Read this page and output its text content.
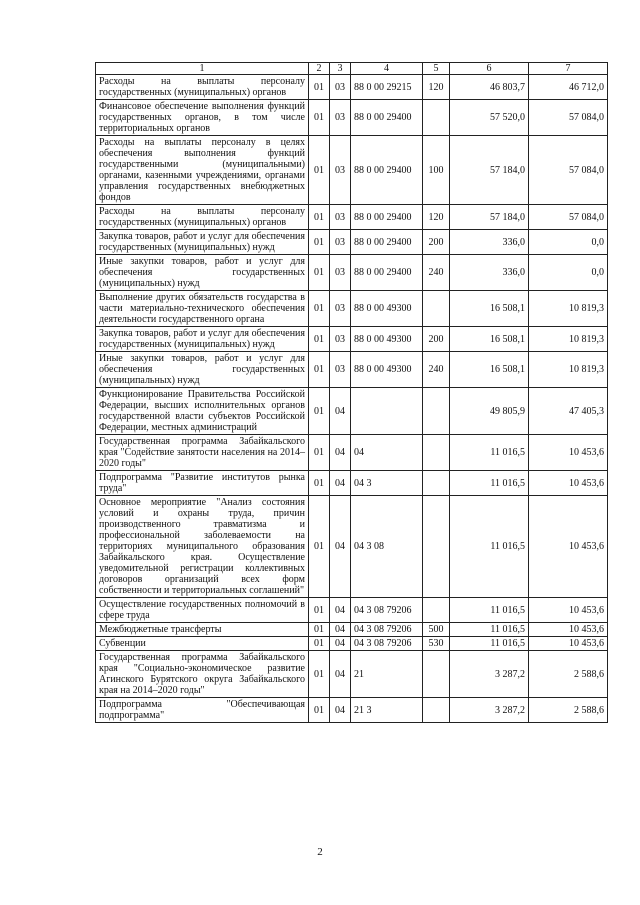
1	2	3	4	5	6	7
Расходы на выплаты персоналу государственных (муниципальных) органов	01	03	88 0 00 29215	120	46 803,7	46 712,0
Финансовое обеспечение выполнения функций государственных органов, в том числе территориальных органов	01	03	88 0 00 29400		57 520,0	57 084,0
Расходы на выплаты персоналу в целях обеспечения выполнения функций государственными (муниципальными) органами, казенными учреждениями, органами управления государственных внебюджетных фондов	01	03	88 0 00 29400	100	57 184,0	57 084,0
Расходы на выплаты персоналу государственных (муниципальных) органов	01	03	88 0 00 29400	120	57 184,0	57 084,0
Закупка товаров, работ и услуг для обеспечения государственных (муниципальных) нужд	01	03	88 0 00 29400	200	336,0	0,0
Иные закупки товаров, работ и услуг для обеспечения государственных (муниципальных) нужд	01	03	88 0 00 29400	240	336,0	0,0
Выполнение других обязательств государства в части материально-технического обеспечения деятельности государственного органа	01	03	88 0 00 49300		16 508,1	10 819,3
Закупка товаров, работ и услуг для обеспечения государственных (муниципальных) нужд	01	03	88 0 00 49300	200	16 508,1	10 819,3
Иные закупки товаров, работ и услуг для обеспечения государственных (муниципальных) нужд	01	03	88 0 00 49300	240	16 508,1	10 819,3
Функционирование Правительства Российской Федерации, высших исполнительных органов государственной власти субъектов Российской Федерации, местных администраций	01	04			49 805,9	47 405,3
Государственная программа Забайкальского края "Содействие занятости населения на 2014–2020 годы"	01	04	04		11 016,5	10 453,6
Подпрограмма "Развитие институтов рынка труда"	01	04	04 3		11 016,5	10 453,6
Основное мероприятие "Анализ состояния условий и охраны труда, причин производственного травматизма и профессиональной заболеваемости на территориях муниципального образования Забайкальского края. Осуществление уведомительной регистрации коллективных договоров организаций всех форм собственности и территориальных соглашений"	01	04	04 3 08		11 016,5	10 453,6
Осуществление государственных полномочий в сфере труда	01	04	04 3 08 79206		11 016,5	10 453,6
Межбюджетные трансферты	01	04	04 3 08 79206	500	11 016,5	10 453,6
Субвенции	01	04	04 3 08 79206	530	11 016,5	10 453,6
Государственная программа Забайкальского края "Социально-экономическое развитие Агинского Бурятского округа Забайкальского края на 2014–2020 годы"	01	04	21		3 287,2	2 588,6
Подпрограмма "Обеспечивающая подпрограмма"	01	04	21 3		3 287,2	2 588,6
2
